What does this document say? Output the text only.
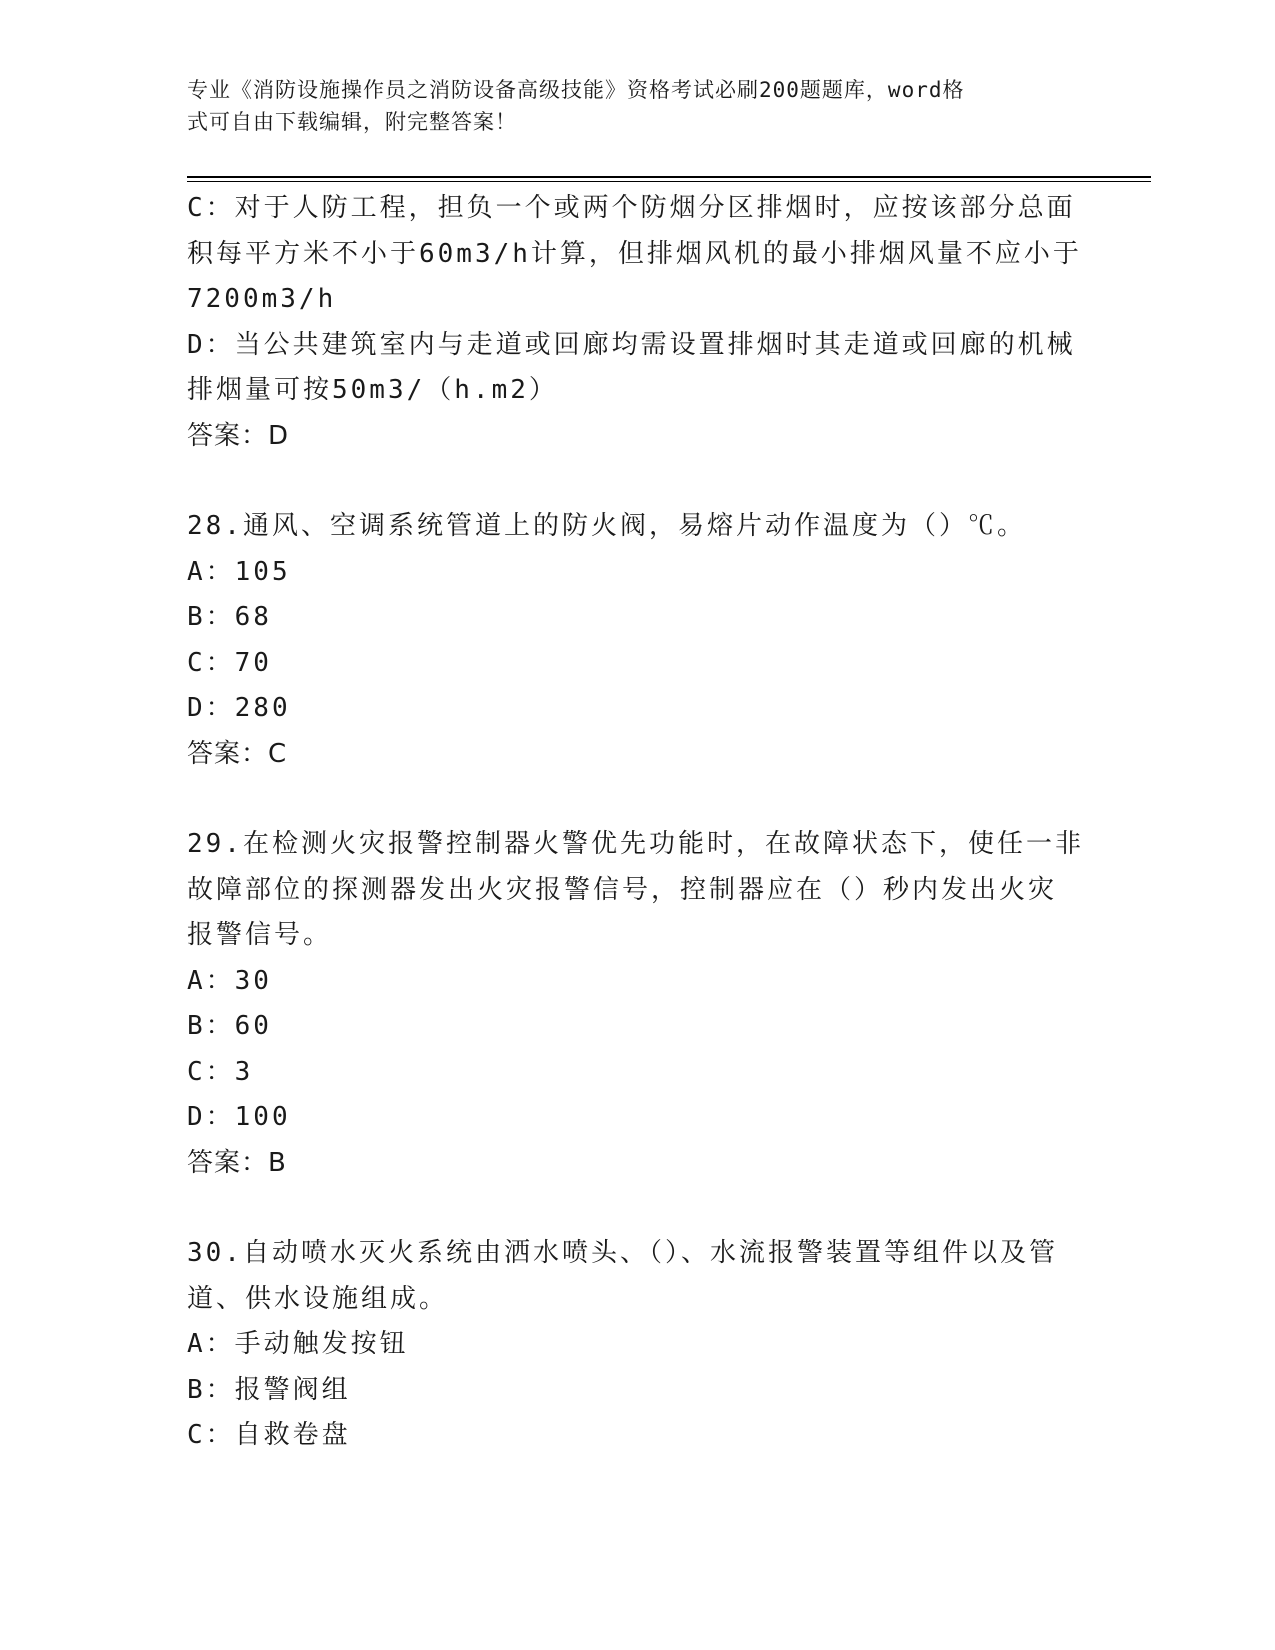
专业《消防设施操作员之消防设备高级技能》资格考试必刷200题题库，word格
式可自由下载编辑，附完整答案！
C：对于人防工程，担负一个或两个防烟分区排烟时，应按该部分总面
积每平方米不小于60m3/h计算，但排烟风机的最小排烟风量不应小于
7200m3/h
D：当公共建筑室内与走道或回廊均需设置排烟时其走道或回廊的机械
排烟量可按50m3/（h.m2）
答案：D
28.通风、空调系统管道上的防火阀，易熔片动作温度为（）℃。
A：105
B：68
C：70
D：280
答案：C
29.在检测火灾报警控制器火警优先功能时，在故障状态下，使任一非
故障部位的探测器发出火灾报警信号，控制器应在（）秒内发出火灾
报警信号。
A：30
B：60
C：3
D：100
答案：B
30.自动喷水灭火系统由洒水喷头、（）、水流报警装置等组件以及管
道、供水设施组成。
A：手动触发按钮
B：报警阀组
C：自救卷盘
